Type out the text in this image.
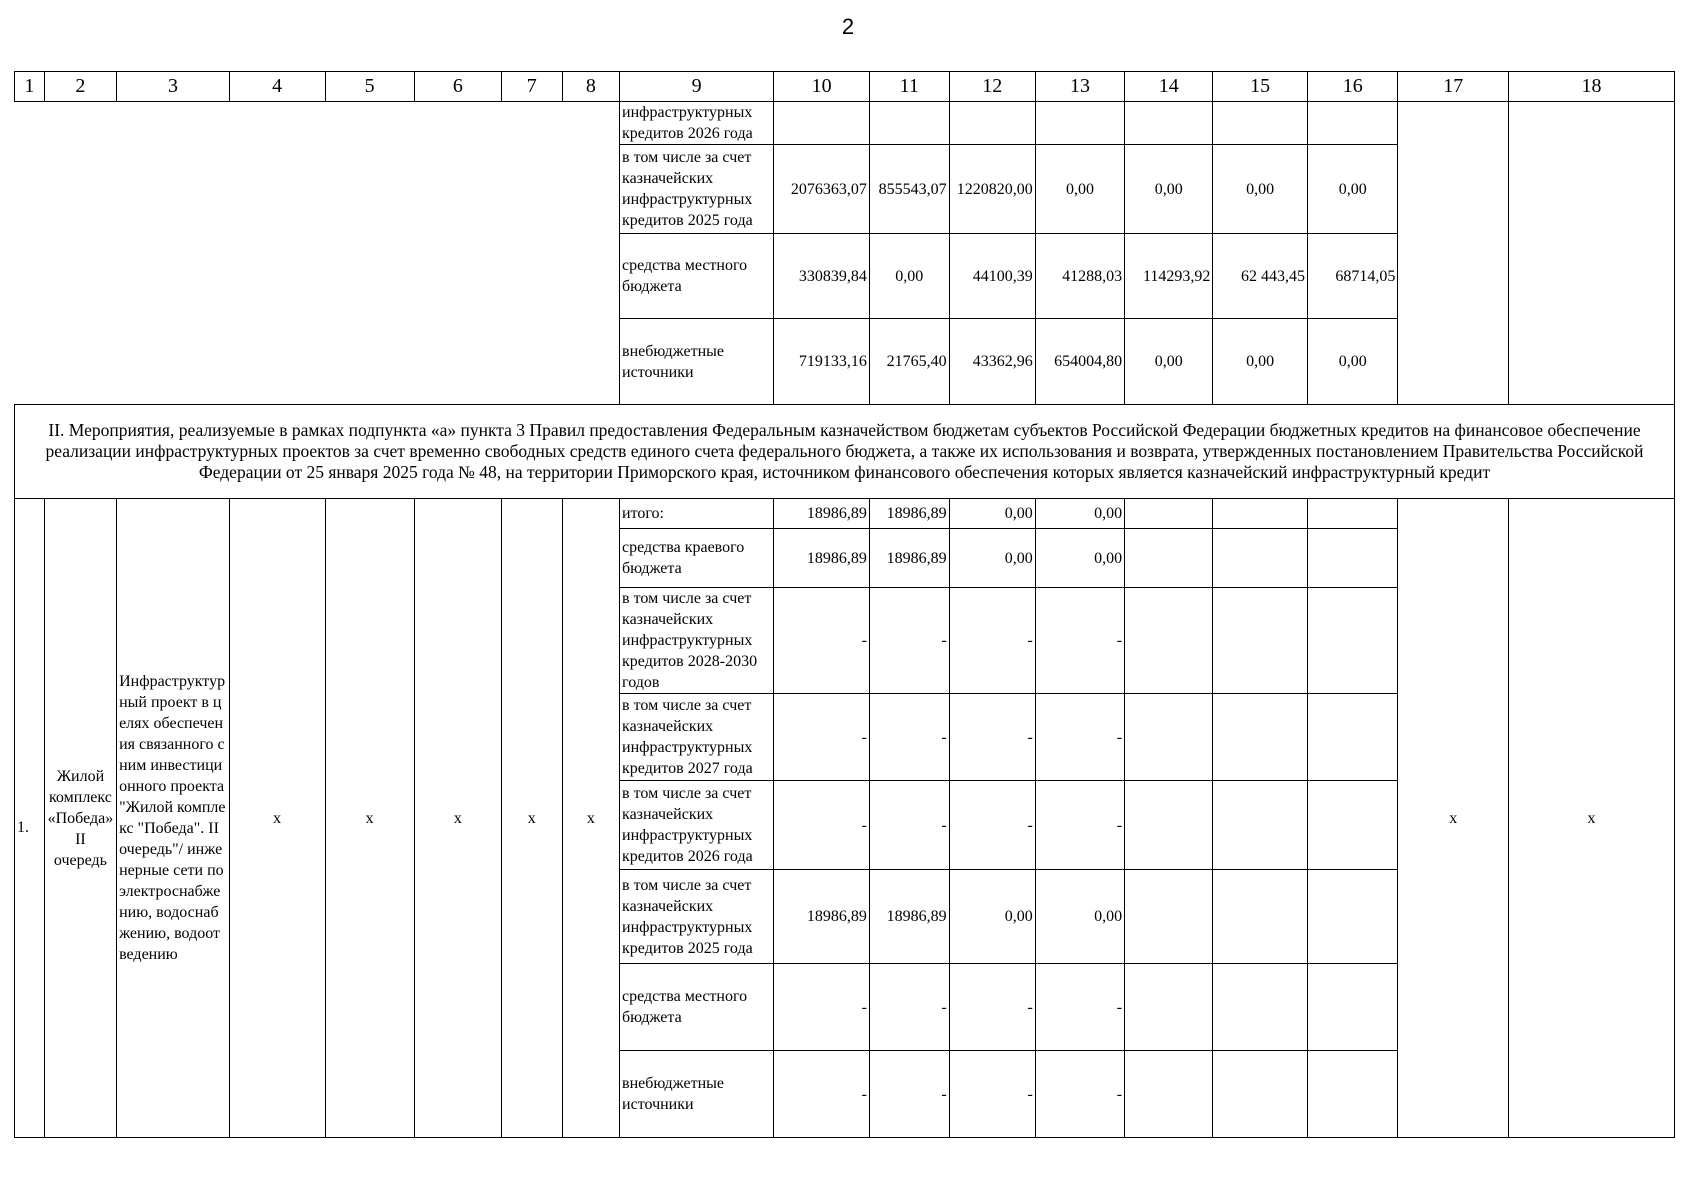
2
1	2	3	4	5	6	7	8	9	10	11	12	13	14	15	16	17	18
								инфраструктурных кредитов 2026 года									
								в том числе за счет казначейских инфраструктурных кредитов 2025 года	2076363,07	855543,07	1220820,00	0,00	0,00	0,00	0,00		
								средства местного бюджета	330839,84	0,00	44100,39	41288,03	114293,92	62 443,45	68714,05		
								внебюджетные источники	719133,16	21765,40	43362,96	654004,80	0,00	0,00	0,00		
II. Мероприятия, реализуемые в рамках подпункта «а» пункта 3 Правил предоставления Федеральным казначейством бюджетам субъектов Российской Федерации бюджетных кредитов на финансовое обеспечение реализации инфраструктурных проектов за счет временно свободных средств единого счета федерального бюджета, а также их использования и возврата, утвержденных постановлением Правительства Российской Федерации от 25 января 2025 года № 48, на территории Приморского края, источником финансового обеспечения которых является казначейский инфраструктурный кредит																	
1.	Жилой комплекс «Победа» II очередь	Инфраструктурный проект в целях обеспечения связанного с ним инвестиционного проекта "Жилой комплекс "Победа". II очередь"/ инженерные сети по электроснабжению, водоснабжению, водоотведению	х	х	х	х	х	итого:	18986,89	18986,89	0,00	0,00				х	х
								средства краевого бюджета	18986,89	18986,89	0,00	0,00					
								в том числе за счет казначейских инфраструктурных кредитов 2028-2030 годов	-	-	-	-					
								в том числе за счет казначейских инфраструктурных кредитов 2027 года	-	-	-	-					
								в том числе за счет казначейских инфраструктурных кредитов 2026 года	-	-	-	-					
								в том числе за счет казначейских инфраструктурных кредитов 2025 года	18986,89	18986,89	0,00	0,00					
								средства местного бюджета	-	-	-	-					
								внебюджетные источники	-	-	-	-					
